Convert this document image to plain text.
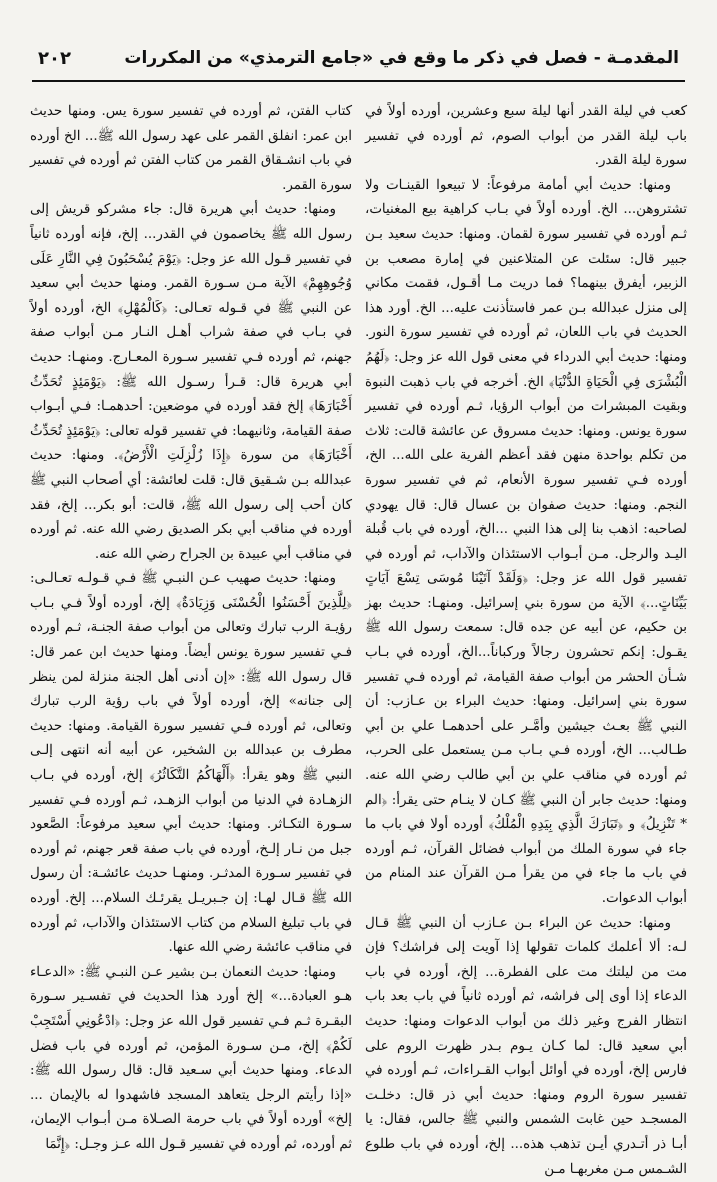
المقدمـة - فصل في ذكر ما وقع في «جامع الترمذي» من المكررات
٢٠٢

كعب في ليلة القدر أنها ليلة سبع وعشرين، أورده أولاً في باب ليلة القدر من أبواب الصوم، ثم أورده في تفسير سورة ليلة القدر.

ومنها: حديث أبي أمامة مرفوعاً: لا تبيعوا القينـات ولا تشتروهن... الخ. أورده أولاً في بـاب كراهية بيع المغنيات، ثـم أورده في تفسير سورة لقمان. ومنها: حديث سعيد بـن جبير قال: سئلت عن المتلاعنين في إمارة مصعب بن الزبير، أيفرق بينهما؟ فما دريت مـا أقـول، فقمت مكاني إلى منزل عبدالله بـن عمر فاستأذنت عليه... الخ. أورد هذا الحديث في باب اللعان، ثم أورده في تفسير سورة النور. ومنها: حديث أبي الدرداء في معنى قول الله عز وجل: ﴿لَهُمُ الْبُشْرَى فِي الْحَيَاةِ الدُّنْيَا﴾ الخ. أخرجه في باب ذهبت النبوة وبقيت المبشرات من أبواب الرؤيا، ثـم أورده في تفسير سورة يونس. ومنها: حديث مسروق عن عائشة قالت: ثلاث من تكلم بواحدة منهن فقد أعظم الفرية على الله... الخ، أورده فـي تفسير سورة الأنعام، ثم في تفسير سورة النجم. ومنها: حديث صفوان بن عسال قال: قال يهودي لصاحبه: اذهب بنا إلى هذا النبي ...الخ، أورده في باب قُبلة اليـد والرجل. مـن أبـواب الاستئذان والآداب، ثم أورده في تفسير قول الله عز وجل: ﴿وَلَقَدْ آتَيْنَا مُوسَى تِسْعَ آيَاتٍ بَيِّنَاتٍ...﴾ الآية من سورة بني إسرائيل. ومنهـا: حديث بهز بن حكيم، عن أبيه عن جده قال: سمعت رسول الله ﷺ يقـول: إنكم تحشرون رجالاً وركباناً...الخ، أورده في بـاب شـأن الحشر من أبواب صفة القيامة، ثم أورده فـي تفسير سورة بني إسرائيل. ومنها: حديث البراء بن عـازب: أن النبي ﷺ بعـث جيشين وأمَّـر على أحدهمـا علي بن أبي طـالب... الخ، أورده فـي بـاب مـن يستعمل على الحرب، ثم أورده في مناقب علي بن أبي طالب رضي الله عنه. ومنها: حديث جابر أن النبي ﷺ كـان لا ينـام حتى يقرأ: ﴿الم * تَنْزِيلُ﴾ و ﴿تَبَارَكَ الَّذِي بِيَدِهِ الْمُلْكُ﴾ أورده أولا في باب ما جاء في سورة الملك من أبواب فضائل القرآن، ثـم أورده في باب ما جاء في من يقرأ مـن القرآن عند المنام من أبواب الدعوات.

ومنها: حديث عن البراء بـن عـازب أن النبي ﷺ قـال لـه: ألا أعلمك كلمات تقولها إذا آويت إلى فراشك؟ فإن مت من ليلتك مت على الفطرة... إلخ، أورده في باب الدعاء إذا أوى إلى فراشه، ثم أورده ثانياً في باب بعد باب انتظار الفرج وغير ذلك من أبواب الدعوات ومنها: حديث أبي سعيد قال: لما كـان يـوم بـدر ظهرت الروم على فارس إلخ، أورده في أوائل أبواب القـراءات، ثـم أورده في تفسير سورة الروم ومنها: حديث أبي ذر قال: دخلـت المسجـد حين غابت الشمس والنبي ﷺ جالس، فقال: يا أبـا ذر أتـدري أيـن تذهب هذه... إلخ، أورده في باب طلوع الشـمس مـن مغربهـا مـن

كتاب الفتن، ثم أورده في تفسير سورة يس. ومنها حديث ابن عمر: انفلق القمر على عهد رسول الله ﷺ... الخ أورده في باب انشـقاق القمر من كتاب الفتن ثم أورده في تفسير سورة القمر.

ومنها: حديث أبي هريرة قال: جاء مشركو قريش إلى رسول الله ﷺ يخاصمون في القدر... إلخ، فإنه أورده ثانياً في تفسير قـول الله عز وجل: ﴿يَوْمَ يُسْحَبُونَ فِي النَّارِ عَلَى وُجُوهِهِمْ﴾ الآية مـن سـورة القمر. ومنها حديث أبي سعيد عن النبي ﷺ في قـوله تعـالى: ﴿كَالْمُهْلِ﴾ الخ، أورده أولاً في بـاب في صفة شراب أهـل النـار مـن أبواب صفة جهنم، ثم أورده فـي تفسير سـورة المعـارج. ومنهـا: حديث أبي هريرة قال: قـرأ رسـول الله ﷺ: ﴿يَوْمَئِذٍ تُحَدِّثُ أَخْبَارَهَا﴾ إلخ فقد أورده في موضعين: أحدهمـا: فـي أبـواب صفة القيامة، وثانيهما: في تفسير قوله تعالى: ﴿يَوْمَئِذٍ تُحَدِّثُ أَخْبَارَهَا﴾ من سورة ﴿إِذَا زُلْزِلَتِ الْأَرْضُ﴾. ومنها: حديث عبدالله بـن شـقيق قال: قلت لعائشة: أي أصحاب النبي ﷺ كان أحب إلى رسول الله ﷺ، قالت: أبو بكر... إلخ، فقد أورده في مناقب أبي بكر الصديق رضي الله عنه. ثم أورده في مناقب أبي عبيدة بن الجراح رضي الله عنه.

ومنها: حديث صهيب عـن النبـي ﷺ فـي قـولـه تعـالـى: ﴿لِلَّذِينَ أَحْسَنُوا الْحُسْنَى وَزِيَادَةٌ﴾ إلخ، أورده أولاً فـي بـاب رؤيـة الرب تبارك وتعالى من أبواب صفة الجنـة، ثـم أورده فـي تفسير سورة يونس أيضاً. ومنها حديث ابن عمر قال: قال رسول الله ﷺ: «إن أدنى أهل الجنة منزلة لمن ينظر إلى جنانه» إلخ، أورده أولاً في باب رؤية الرب تبارك وتعالى، ثم أورده فـي تفسير سورة القيامة. ومنها: حديث مطرف بن عبدالله بن الشخير، عن أبيه أنه انتهى إلـى النبي ﷺ وهو يقرأ: ﴿أَلْهَاكُمُ التَّكَاثُرُ﴾ إلخ، أورده في بـاب الزهـادة في الدنيا من أبواب الزهـد، ثـم أورده فـي تفسير سـورة التكـاثر. ومنها: حديث أبي سعيد مرفوعاً: الصَّعود جبل من نـار إلـخ، أورده في باب صفة قعر جهنم، ثم أورده في تفسير سـورة المدثـر. ومنهـا حديث عائشـة: أن رسول الله ﷺ قـال لهـا: إن جـبريـل يقرئـك السلام... إلخ. أورده في باب تبليغ السلام من كتاب الاستئذان والآداب، ثم أورده في مناقب عائشة رضي الله عنها.

ومنها: حديث النعمان بـن بشير عـن النبـي ﷺ: «الدعـاء هـو العبادة...» إلخ أورد هذا الحديث في تفسـير سـورة البقـرة ثـم فـي تفسير قول الله عز وجل: ﴿ادْعُونِي أَسْتَجِبْ لَكُمْ﴾ إلخ، مـن سـورة المؤمن، ثم أورده في باب فضل الدعاء. ومنها حديث أبي سـعيد قال: قال رسول الله ﷺ: «إذا رأيتم الرجل يتعاهد المسجد فاشهدوا له بالإيمان ... إلخ» أورده أولاً في باب حرمة الصـلاة مـن أبـواب الإيمان، ثم أورده، ثم أورده في تفسير قـول الله عـز وجـل: ﴿إِنَّمَا
